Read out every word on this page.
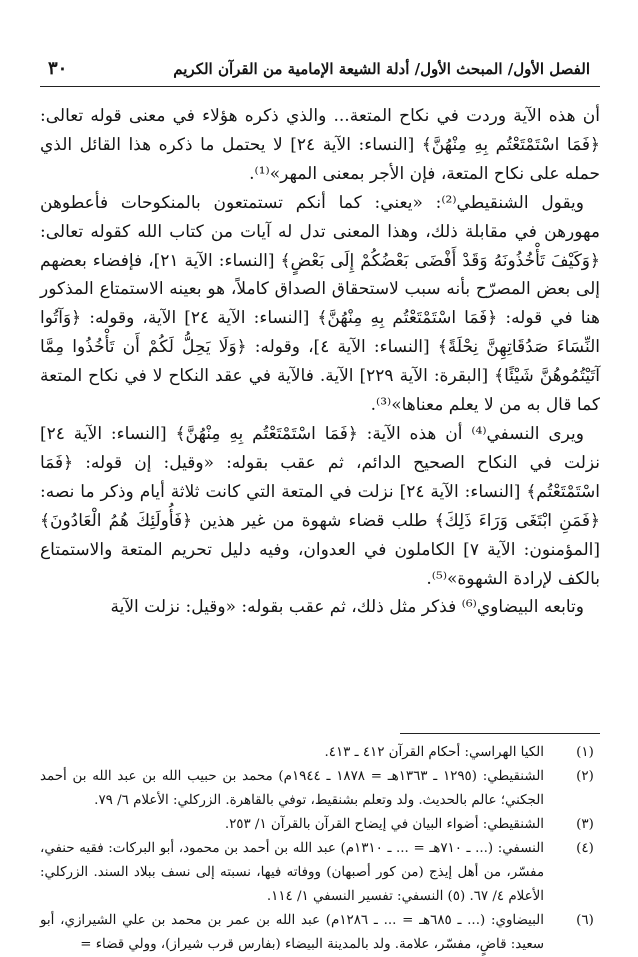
الفصل الأول/ المبحث الأول/ أدلة الشيعة الإمامية من القرآن الكريم
٣٠

أن هذه الآية وردت في نكاح المتعة... والذي ذكره هؤلاء في معنى قوله تعالى: ﴿فَمَا اسْتَمْتَعْتُم بِهِ مِنْهُنَّ﴾ [النساء: الآية ٢٤] لا يحتمل ما ذكره هذا القائل الذي حمله على نكاح المتعة، فإن الأجر بمعنى المهر»⁽¹⁾.

ويقول الشنقيطي⁽²⁾: «يعني: كما أنكم تستمتعون بالمنكوحات فأعطوهن مهورهن في مقابلة ذلك، وهذا المعنى تدل له آيات من كتاب الله كقوله تعالى: ﴿وَكَيْفَ تَأْخُذُونَهُ وَقَدْ أَفْضَى بَعْضُكُمْ إِلَى بَعْضٍ﴾ [النساء: الآية ٢١]، فإفضاء بعضهم إلى بعض المصرّح بأنه سبب لاستحقاق الصداق كاملاً، هو بعينه الاستمتاع المذكور هنا في قوله: ﴿فَمَا اسْتَمْتَعْتُم بِهِ مِنْهُنَّ﴾ [النساء: الآية ٢٤] الآية، وقوله: ﴿وَآتُوا النِّسَاءَ صَدُقَاتِهِنَّ نِحْلَةً﴾ [النساء: الآية ٤]، وقوله: ﴿وَلَا يَحِلُّ لَكُمْ أَن تَأْخُذُوا مِمَّا آتَيْتُمُوهُنَّ شَيْئًا﴾ [البقرة: الآية ٢٢٩] الآية. فالآية في عقد النكاح لا في نكاح المتعة كما قال به من لا يعلم معناها»⁽³⁾.

ويرى النسفي⁽⁴⁾ أن هذه الآية: ﴿فَمَا اسْتَمْتَعْتُم بِهِ مِنْهُنَّ﴾ [النساء: الآية ٢٤] نزلت في النكاح الصحيح الدائم، ثم عقب بقوله: «وقيل: إن قوله: ﴿فَمَا اسْتَمْتَعْتُم﴾ [النساء: الآية ٢٤] نزلت في المتعة التي كانت ثلاثة أيام وذكر ما نصه: ﴿فَمَنِ ابْتَغَى وَرَاءَ ذَلِكَ﴾ طلب قضاء شهوة من غير هذين ﴿فَأُولَئِكَ هُمُ الْعَادُونَ﴾ [المؤمنون: الآية ٧] الكاملون في العدوان، وفيه دليل تحريم المتعة والاستمتاع بالكف لإرادة الشهوة»⁽⁵⁾.

وتابعه البيضاوي⁽⁶⁾ فذكر مثل ذلك، ثم عقب بقوله: «وقيل: نزلت الآية

(١)
الكيا الهراسي: أحكام القرآن ٤١٢ ـ ٤١٣.
(٢)
الشنقيطي: (١٢٩٥ ـ ١٣٦٣هـ = ١٨٧٨ ـ ١٩٤٤م) محمد بن حبيب الله بن عبد الله بن أحمد الجكني؛ عالم بالحديث. ولد وتعلم بشنقيط، توفي بالقاهرة. الزركلي: الأعلام ٦/ ٧٩.
(٣)
الشنقيطي: أضواء البيان في إيضاح القرآن بالقرآن ١/ ٢٥٣.
(٤)
النسفي: (... ـ ٧١٠هـ = ... ـ ١٣١٠م) عبد الله بن أحمد بن محمود، أبو البركات: فقيه حنفي، مفسّر، من أهل إيذج (من كور أصبهان) ووفاته فيها، نسبته إلى نسف ببلاد السند. الزركلي: الأعلام ٤/ ٦٧. (٥) النسفي: تفسير النسفي ١/ ١١٤.
(٦)
البيضاوي: (... ـ ٦٨٥هـ = ... ـ ١٢٨٦م) عبد الله بن عمر بن محمد بن علي الشيرازي، أبو سعيد: قاضٍ، مفسّر، علامة. ولد بالمدينة البيضاء (بفارس قرب شيراز)، وولي قضاء =
